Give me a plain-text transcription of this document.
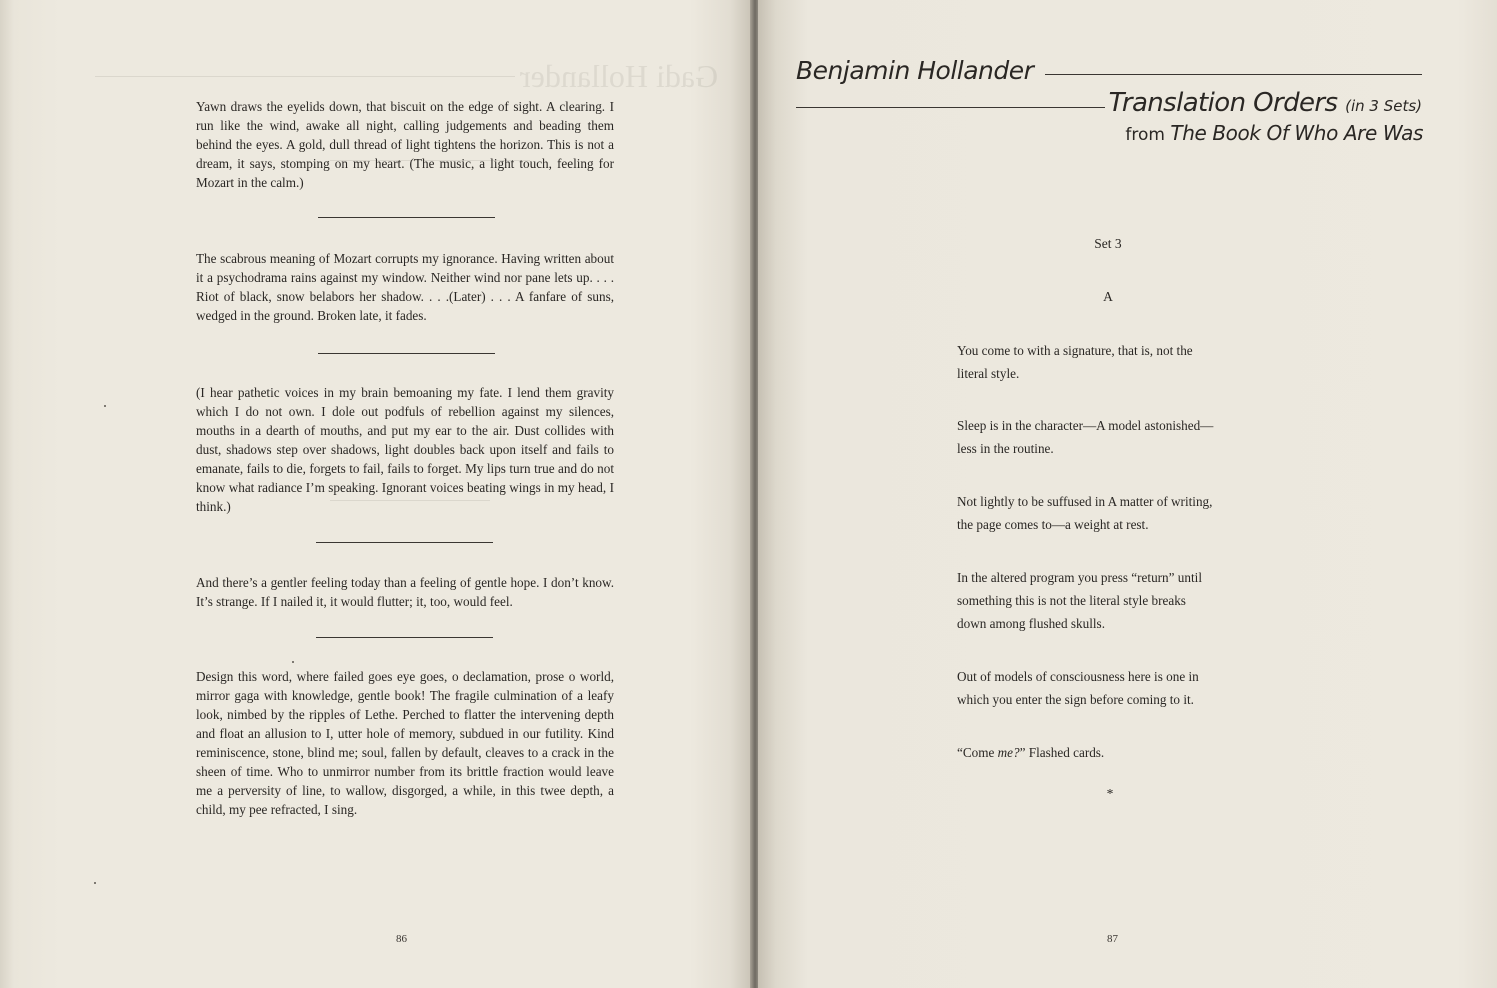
Gadi Hollander

Yawn draws the eyelids down, that biscuit on the edge of sight. A clearing. I run like the wind, awake all night, calling judgements and beading them behind the eyes. A gold, dull thread of light tightens the horizon. This is not a dream, it says, stomping on my heart. (The music, a light touch, feeling for Mozart in the calm.)

The scabrous meaning of Mozart corrupts my ignorance. Having written about it a psychodrama rains against my window. Neither wind nor pane lets up. . . . Riot of black, snow belabors her shadow. . . .(Later) . . . A fanfare of suns, wedged in the ground. Broken late, it fades.

(I hear pathetic voices in my brain bemoaning my fate. I lend them gravity which I do not own. I dole out podfuls of rebellion against my silences, mouths in a dearth of mouths, and put my ear to the air. Dust collides with dust, shadows step over shadows, light doubles back upon itself and fails to emanate, fails to die, forgets to fail, fails to forget. My lips turn true and do not know what radiance I’m speaking. Ignorant voices beating wings in my head, I think.)

And there’s a gentler feeling today than a feeling of gentle hope. I don’t know. It’s strange. If I nailed it, it would flutter; it, too, would feel.

Design this word, where failed goes eye goes, o declamation, prose o world, mirror gaga with knowledge, gentle book! The fragile culmination of a leafy look, nimbed by the ripples of Lethe. Perched to flatter the intervening depth and float an allusion to I, utter hole of memory, subdued in our futility. Kind reminiscence, stone, blind me; soul, fallen by default, cleaves to a crack in the sheen of time. Who to unmirror number from its brittle fraction would leave me a perversity of line, to wallow, disgorged, a while, in this twee depth, a child, my pee refracted, I sing.

86
Benjamin Hollander
Translation Orders (in 3 Sets)
from The Book Of Who Are Was
Set 3
A

You come to with a signature, that is, not the
literal style.

Sleep is in the character—A model astonished—
less in the routine.

Not lightly to be suffused in A matter of writing,
the page comes to—a weight at rest.

In the altered program you press “return” until
something this is not the literal style breaks
down among flushed skulls.

Out of models of consciousness here is one in
which you enter the sign before coming to it.

“Come me?” Flashed cards.

*
87
